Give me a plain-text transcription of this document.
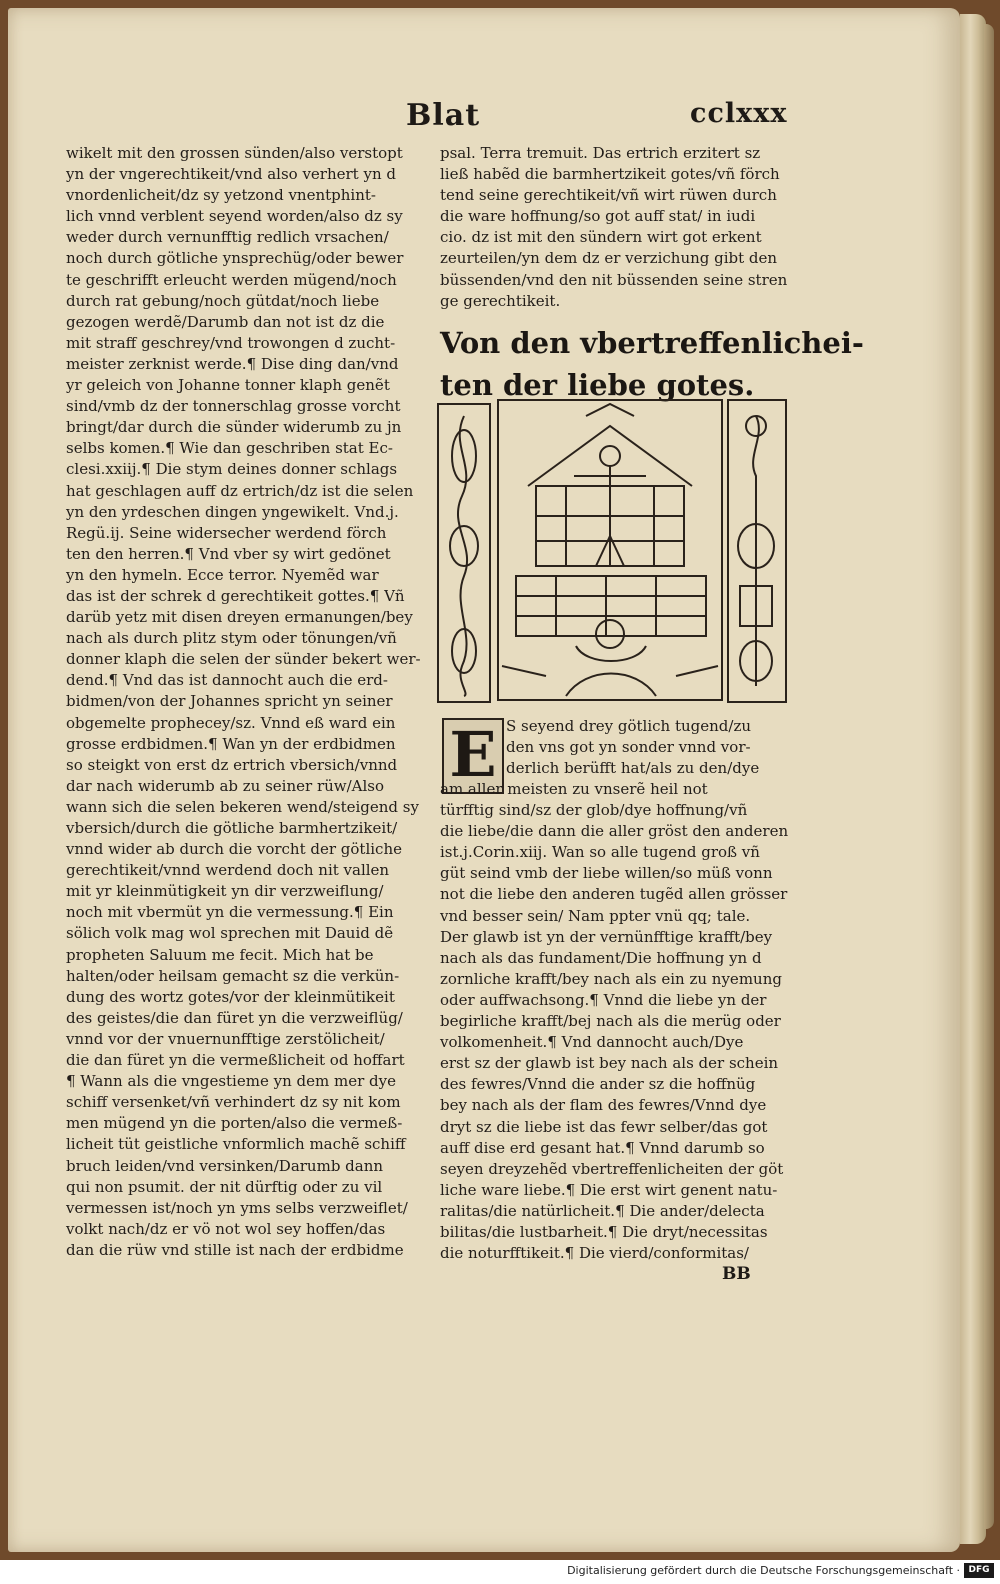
Blat	cclxxx
wikelt mit den grossen sünden/also verstopt
yn der vngerechtikeit/vnd also verhert yn d
vnordenlicheit/dz sy yetzond vnentphint-
lich vnnd verblent seyend worden/also dz sy
weder durch vernunfftig redlich vrsachen/
noch durch götliche ynsprechüg/oder bewer
te geschrifft erleucht werden mügend/noch
durch rat gebung/noch gütdat/noch liebe
gezogen werdẽ/Darumb dan not ist dz die
mit straff geschrey/vnd trowongen d zucht-
meister zerknist werde.¶ Dise ding dan/vnd
yr geleich von Johanne tonner klaph genẽt
sind/vmb dz der tonnerschlag grosse vorcht
bringt/dar durch die sünder widerumb zu jn
selbs komen.¶ Wie dan geschriben stat Ec-
clesi.xxiij.¶ Die stym deines donner schlags
hat geschlagen auff dz ertrich/dz ist die selen
yn den yrdeschen dingen yngewikelt. Vnd.j.
Regü.ij. Seine widersecher werdend förch
ten den herren.¶ Vnd vber sy wirt gedönet
yn den hymeln. Ecce terror. Nyemẽd war
das ist der schrek d gerechtikeit gottes.¶ Vñ
darüb yetz mit disen dreyen ermanungen/bey
nach als durch plitz stym oder tönungen/vñ
donner klaph die selen der sünder bekert wer-
dend.¶ Vnd das ist dannocht auch die erd-
bidmen/von der Johannes spricht yn seiner
obgemelte prophecey/sz. Vnnd eß ward ein
grosse erdbidmen.¶ Wan yn der erdbidmen
so steigkt von erst dz ertrich vbersich/vnnd
dar nach widerumb ab zu seiner rüw/Also
wann sich die selen bekeren wend/steigend sy
vbersich/durch die götliche barmhertzikeit/
vnnd wider ab durch die vorcht der götliche
gerechtikeit/vnnd werdend doch nit vallen
mit yr kleinmütigkeit yn dir verzweiflung/
noch mit vbermüt yn die vermessung.¶ Ein
sölich volk mag wol sprechen mit Dauid dẽ
propheten Saluum me fecit. Mich hat be
halten/oder heilsam gemacht sz die verkün-
dung des wortz gotes/vor der kleinmütikeit
des geistes/die dan füret yn die verzweiflüg/
vnnd vor der vnuernunfftige zerstölicheit/
die dan füret yn die vermeßlicheit od hoffart
¶ Wann als die vngestieme yn dem mer dye
schiff versenket/vñ verhindert dz sy nit kom
men mügend yn die porten/also die vermeß-
licheit tüt geistliche vnformlich machẽ schiff
bruch leiden/vnd versinken/Darumb dann
qui non psumit. der nit dürftig oder zu vil
vermessen ist/noch yn yms selbs verzweiflet/
volkt nach/dz er vö not wol sey hoffen/das
dan die rüw vnd stille ist nach der erdbidme
psal. Terra tremuit. Das ertrich erzitert sz
ließ habẽd die barmhertzikeit gotes/vñ förch
tend seine gerechtikeit/vñ wirt rüwen durch
die ware hoffnung/so got auff stat/ in iudi
cio. dz ist mit den sündern wirt got erkent
zeurteilen/yn dem dz er verzichung gibt den
büssenden/vnd den nit büssenden seine stren
ge gerechtikeit.
Von den vbertreffenlichei-
ten der liebe gotes.
E S seyend drey götlich tugend/zu
den vns got yn sonder vnnd vor-
derlich berüfft hat/als zu den/dye
am aller meisten zu vnserẽ heil not
türfftig sind/sz der glob/dye hoffnung/vñ
die liebe/die dann die aller gröst den anderen
ist.j.Corin.xiij. Wan so alle tugend groß vñ
güt seind vmb der liebe willen/so müß vonn
not die liebe den anderen tugẽd allen grösser
vnd besser sein/ Nam ppter vnü qq; tale.
Der glawb ist yn der vernünfftige krafft/bey
nach als das fundament/Die hoffnung yn d
zornliche krafft/bey nach als ein zu nyemung
oder auffwachsong.¶ Vnnd die liebe yn der
begirliche krafft/bej nach als die merüg oder
volkomenheit.¶ Vnd dannocht auch/Dye
erst sz der glawb ist bey nach als der schein
des fewres/Vnnd die ander sz die hoffnüg
bey nach als der flam des fewres/Vnnd dye
dryt sz die liebe ist das fewr selber/das got
auff dise erd gesant hat.¶ Vnnd darumb so
seyen dreyzehẽd vbertreffenlicheiten der göt
liche ware liebe.¶ Die erst wirt genent natu-
ralitas/die natürlicheit.¶ Die ander/delecta
bilitas/die lustbarheit.¶ Die dryt/necessitas
die noturfftikeit.¶ Die vierd/conformitas/
BB
Digitalisierung gefördert durch die Deutsche Forschungsgemeinschaft · DFG
